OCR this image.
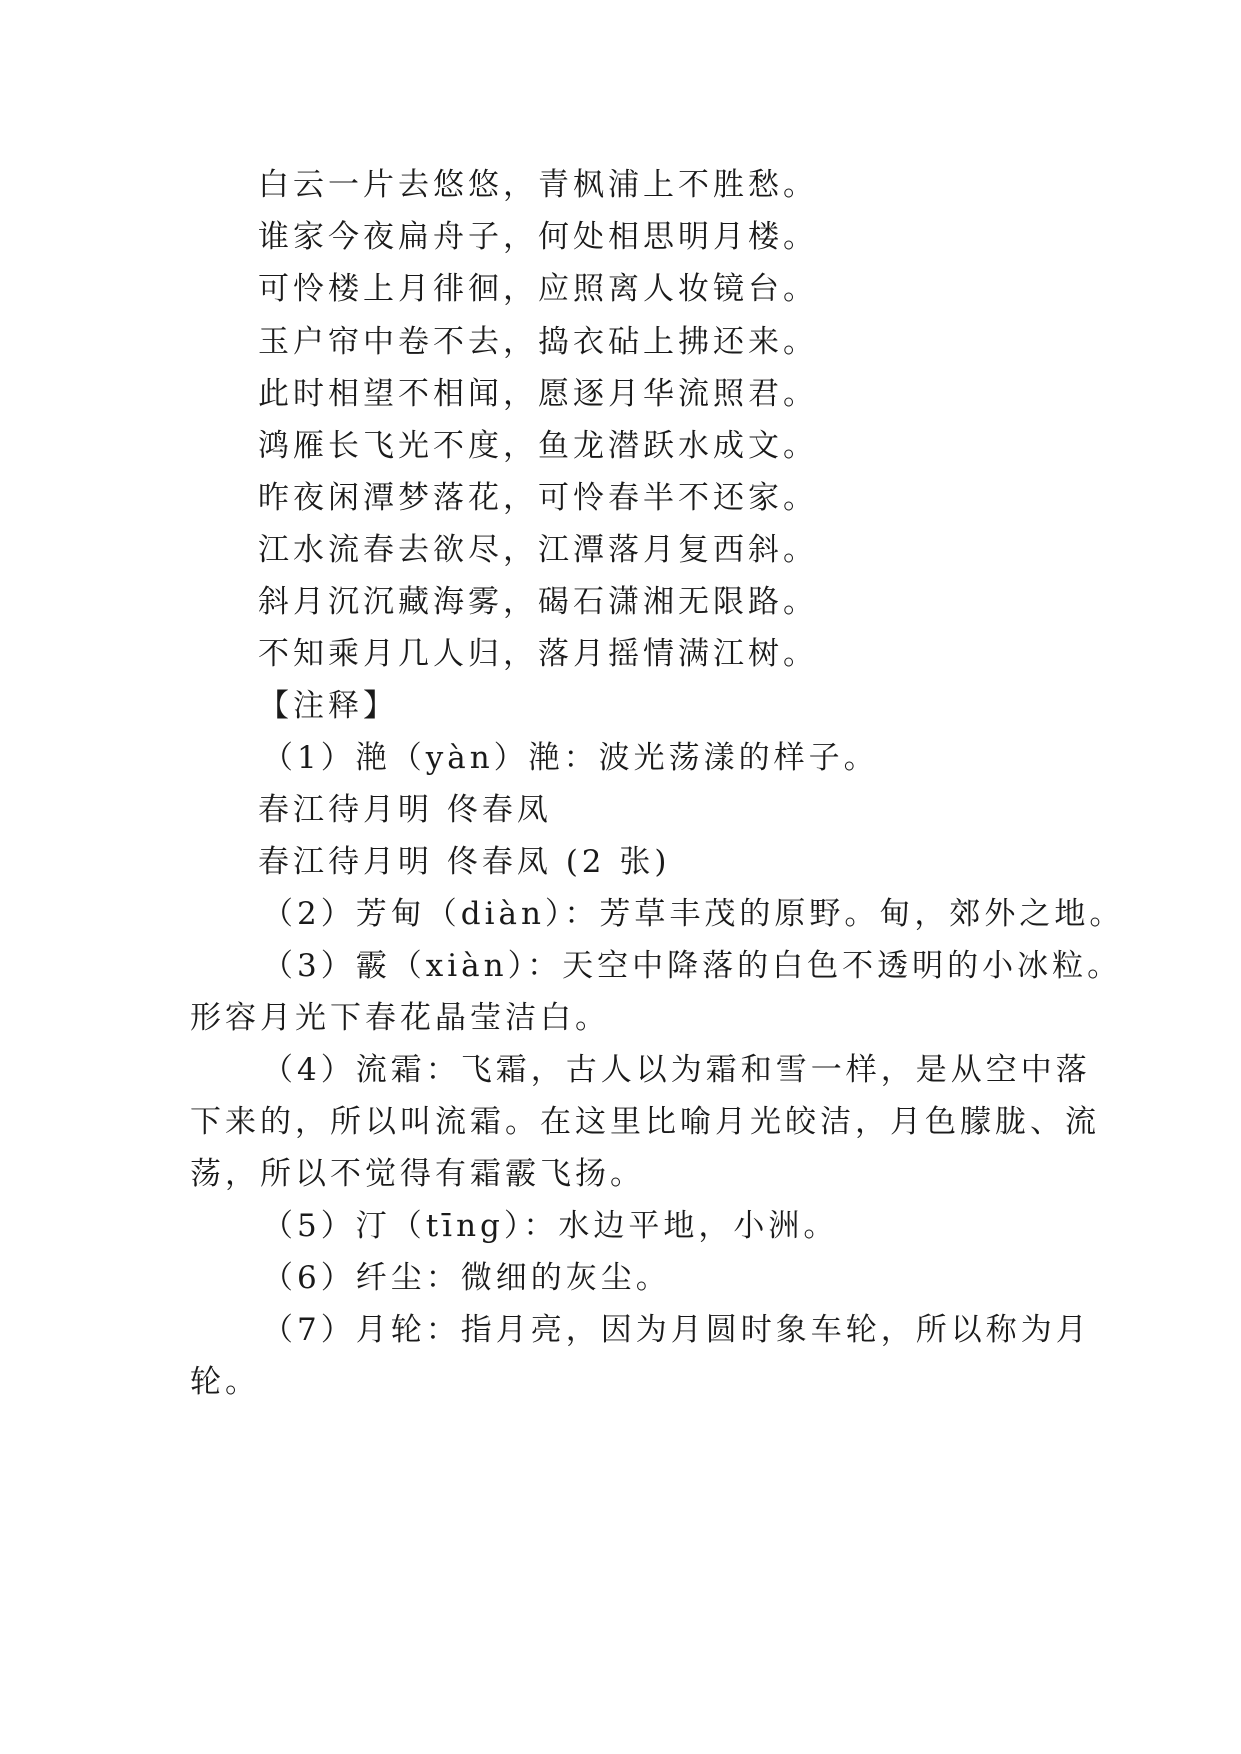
白云一片去悠悠，青枫浦上不胜愁。
谁家今夜扁舟子，何处相思明月楼。
可怜楼上月徘徊，应照离人妆镜台。
玉户帘中卷不去，捣衣砧上拂还来。
此时相望不相闻，愿逐月华流照君。
鸿雁长飞光不度，鱼龙潜跃水成文。
昨夜闲潭梦落花，可怜春半不还家。
江水流春去欲尽，江潭落月复西斜。
斜月沉沉藏海雾，碣石潇湘无限路。
不知乘月几人归，落月摇情满江树。
【注释】
（1）滟（yàn）滟：波光荡漾的样子。
春江待月明 佟春凤
春江待月明 佟春凤 (2 张)
（2）芳甸（diàn）：芳草丰茂的原野。甸，郊外之地。
（3）霰（xiàn）：天空中降落的白色不透明的小冰粒。
形容月光下春花晶莹洁白。
（4）流霜：飞霜，古人以为霜和雪一样，是从空中落
下来的，所以叫流霜。在这里比喻月光皎洁，月色朦胧、流
荡，所以不觉得有霜霰飞扬。
（5）汀（tīng）：水边平地，小洲。
（6）纤尘：微细的灰尘。
（7）月轮：指月亮，因为月圆时象车轮，所以称为月
轮。
